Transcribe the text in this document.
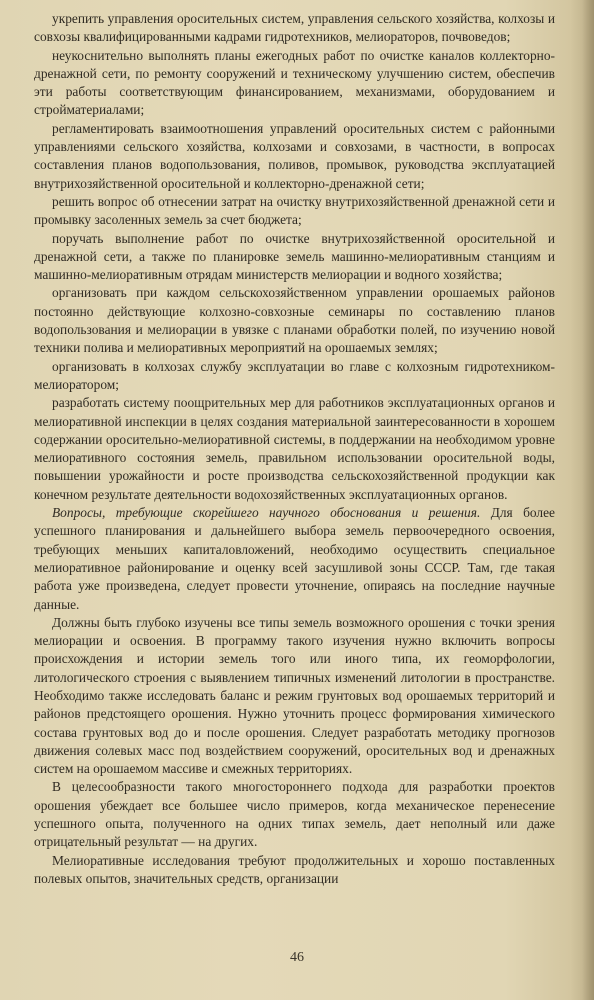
укрепить управления оросительных систем, управления сельского хозяйства, колхозы и совхозы квалифицированными кадрами гидротехников, мелиораторов, почвоведов;

неукоснительно выполнять планы ежегодных работ по очистке каналов коллекторно-дренажной сети, по ремонту сооружений и техническому улучшению систем, обеспечив эти работы соответствующим финансированием, механизмами, оборудованием и стройматериалами;

регламентировать взаимоотношения управлений оросительных систем с районными управлениями сельского хозяйства, колхозами и совхозами, в частности, в вопросах составления планов водопользования, поливов, промывок, руководства эксплуатацией внутрихозяйственной оросительной и коллекторно-дренажной сети;

решить вопрос об отнесении затрат на очистку внутрихозяйственной дренажной сети и промывку засоленных земель за счет бюджета;

поручать выполнение работ по очистке внутрихозяйственной оросительной и дренажной сети, а также по планировке земель машинно-мелиоративным станциям и машинно-мелиоративным отрядам министерств мелиорации и водного хозяйства;

организовать при каждом сельскохозяйственном управлении орошаемых районов постоянно действующие колхозно-совхозные семинары по составлению планов водопользования и мелиорации в увязке с планами обработки полей, по изучению новой техники полива и мелиоративных мероприятий на орошаемых землях;

организовать в колхозах службу эксплуатации во главе с колхозным гидротехником-мелиоратором;

разработать систему поощрительных мер для работников эксплуатационных органов и мелиоративной инспекции в целях создания материальной заинтересованности в хорошем содержании оросительно-мелиоративной системы, в поддержании на необходимом уровне мелиоративного состояния земель, правильном использовании оросительной воды, повышении урожайности и росте производства сельскохозяйственной продукции как конечном результате деятельности водохозяйственных эксплуатационных органов.

Вопросы, требующие скорейшего научного обоснования и решения. Для более успешного планирования и дальнейшего выбора земель первоочередного освоения, требующих меньших капиталовложений, необходимо осуществить специальное мелиоративное районирование и оценку всей засушливой зоны СССР. Там, где такая работа уже произведена, следует провести уточнение, опираясь на последние научные данные.

Должны быть глубоко изучены все типы земель возможного орошения с точки зрения мелиорации и освоения. В программу такого изучения нужно включить вопросы происхождения и истории земель того или иного типа, их геоморфологии, литологического строения с выявлением типичных изменений литологии в пространстве. Необходимо также исследовать баланс и режим грунтовых вод орошаемых территорий и районов предстоящего орошения. Нужно уточнить процесс формирования химического состава грунтовых вод до и после орошения. Следует разработать методику прогнозов движения солевых масс под воздействием сооружений, оросительных вод и дренажных систем на орошаемом массиве и смежных территориях.

В целесообразности такого многостороннего подхода для разработки проектов орошения убеждает все большее число примеров, когда механическое перенесение успешного опыта, полученного на одних типах земель, дает неполный или даже отрицательный результат — на других.

Мелиоративные исследования требуют продолжительных и хорошо поставленных полевых опытов, значительных средств, организации

46
